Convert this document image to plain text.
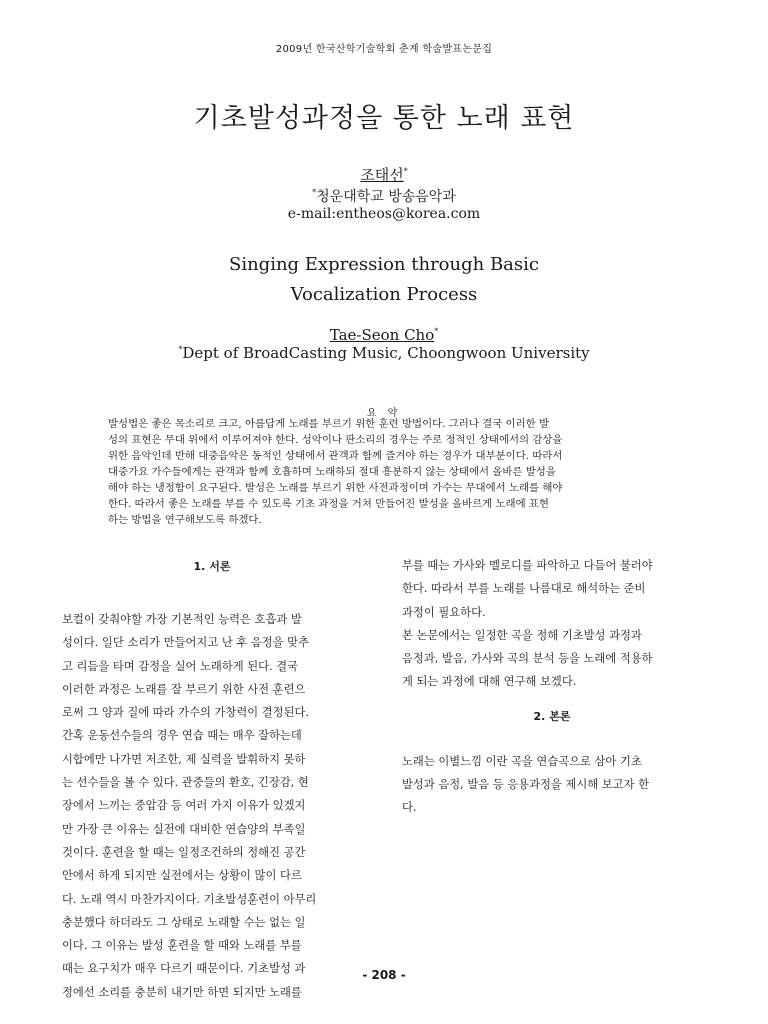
2009년 한국산학기술학회 춘계 학술발표논문집
기초발성과정을 통한 노래 표현
조태선*
*청운대학교 방송음악과
e-mail:entheos@korea.com
Singing Expression through Basic
Vocalization Process
Tae-Seon Cho*
*Dept of BroadCasting Music, Choongwoon University
요 약
발성법은 좋은 목소리로 크고, 아름답게 노래를 부르기 위한 훈련 방법이다. 그러나 결국 이러한 발
성의 표현은 무대 위에서 이루어져야 한다. 성악이나 판소리의 경우는 주로 정적인 상태에서의 감상을
위한 음악인데 반해 대중음악은 동적인 상태에서 관객과 함께 즐겨야 하는 경우가 대부분이다. 따라서
대중가요 가수들에게는 관객과 함께 호흡하며 노래하되 절대 흥분하지 않는 상태에서 올바른 발성을
해야 하는 냉정함이 요구된다. 발성은 노래를 부르기 위한 사전과정이며 가수는 무대에서 노래를 해야
한다. 따라서 좋은 노래를 부를 수 있도록 기초 과정을 거쳐 만들어진 발성을 올바르게 노래에 표현
하는 방법을 연구해보도록 하겠다.
1. 서론
보컬이 갖춰야할 가장 기본적인 능력은 호흡과 발
성이다. 일단 소리가 만들어지고 난 후 음정을 맞추
고 리듬을 타며 감정을 실어 노래하게 된다. 결국
이러한 과정은 노래를 잘 부르기 위한 사전 훈련으
로써 그 양과 질에 따라 가수의 가창력이 결정된다.
간혹 운동선수들의 경우 연습 때는 매우 잘하는데
시합에만 나가면 저조한, 제 실력을 발휘하지 못하
는 선수들을 볼 수 있다. 관중들의 환호, 긴장감, 현
장에서 느끼는 중압감 등 여러 가지 이유가 있겠지
만 가장 큰 이유는 실전에 대비한 연습양의 부족일
것이다. 훈련을 할 때는 일정조건하의 정해진 공간
안에서 하게 되지만 실전에서는 상황이 많이 다르
다. 노래 역시 마찬가지이다. 기초발성훈련이 아무리
충분했다 하더라도 그 상태로 노래할 수는 없는 일
이다. 그 이유는 발성 훈련을 할 때와 노래를 부를
때는 요구치가 매우 다르기 때문이다. 기초발성 과
정에선 소리를 충분히 내기만 하면 되지만 노래를
부를 때는 가사와 멜로디를 파악하고 다듬어 불러야
한다. 따라서 부를 노래를 나름대로 해석하는 준비
과정이 필요하다.
본 논문에서는 일정한 곡을 정해 기초발성 과정과
음정과, 발음, 가사와 곡의 분석 등을 노래에 적용하
게 되는 과정에 대해 연구해 보겠다.
2. 본론
노래는 이별느낌 이란 곡을 연습곡으로 삼아 기초
발성과 음정, 발음 등 응용과정을 제시해 보고자 한
다.
- 208 -
